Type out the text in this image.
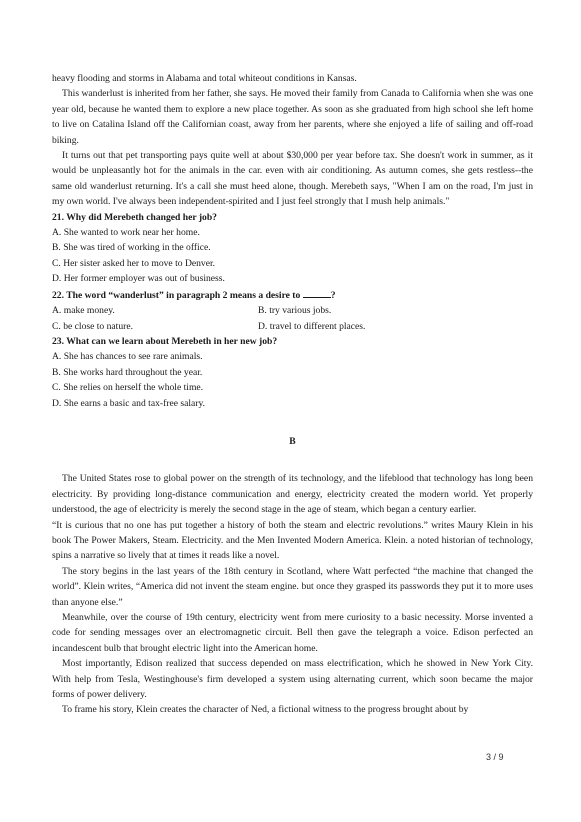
heavy flooding and storms in Alabama and total whiteout conditions in Kansas.

This wanderlust is inherited from her father, she says. He moved their family from Canada to California when she was one year old, because he wanted them to explore a new place together. As soon as she graduated from high school she left home to live on Catalina Island off the Californian coast, away from her parents, where she enjoyed a life of sailing and off-road biking.

It turns out that pet transporting pays quite well at about $30,000 per year before tax. She doesn't work in summer, as it would be unpleasantly hot for the animals in the car. even with air conditioning. As autumn comes, she gets restless--the same old wanderlust returning. It's a call she must heed alone, though. Merebeth says, "When I am on the road, I'm just in my own world. I've always been independent-spirited and I just feel strongly that I mush help animals."

21. Why did Merebeth changed her job?

A. She wanted to work near her home.

B. She was tired of working in the office.

C. Her sister asked her to move to Denver.

D. Her former employer was out of business.

22. The word “wanderlust” in paragraph 2 means a desire to	?

A. make money.	B. try various jobs.
C. be close to nature.	D. travel to different places.

23. What can we learn about Merebeth in her new job?

A. She has chances to see rare animals.

B. She works hard throughout the year.

C. She relies on herself the whole time.

D. She earns a basic and tax-free salary.

B

The United States rose to global power on the strength of its technology, and the lifeblood that technology has long been electricity. By providing long-distance communication and energy, electricity created the modern world. Yet properly understood, the age of electricity is merely the second stage in the age of steam, which began a century earlier.

“It is curious that no one has put together a history of both the steam and electric revolutions.” writes Maury Klein in his book The Power Makers, Steam. Electricity. and the Men Invented Modern America. Klein. a noted historian of technology, spins a narrative so lively that at times it reads like a novel.

The story begins in the last years of the 18th century in Scotland, where Watt perfected “the machine that changed the world”. Klein writes, “America did not invent the steam engine. but once they grasped its passwords they put it to more uses than anyone else.”

Meanwhile, over the course of 19th century, electricity went from mere curiosity to a basic necessity. Morse invented a code for sending messages over an electromagnetic circuit. Bell then gave the telegraph a voice. Edison perfected an incandescent bulb that brought electric light into the American home.

Most importantly, Edison realized that success depended on mass electrification, which he showed in New York City. With help from Tesla, Westinghouse's firm developed a system using alternating current, which soon became the major forms of power delivery.

To frame his story, Klein creates the character of Ned, a fictional witness to the progress brought about by

3 / 9
